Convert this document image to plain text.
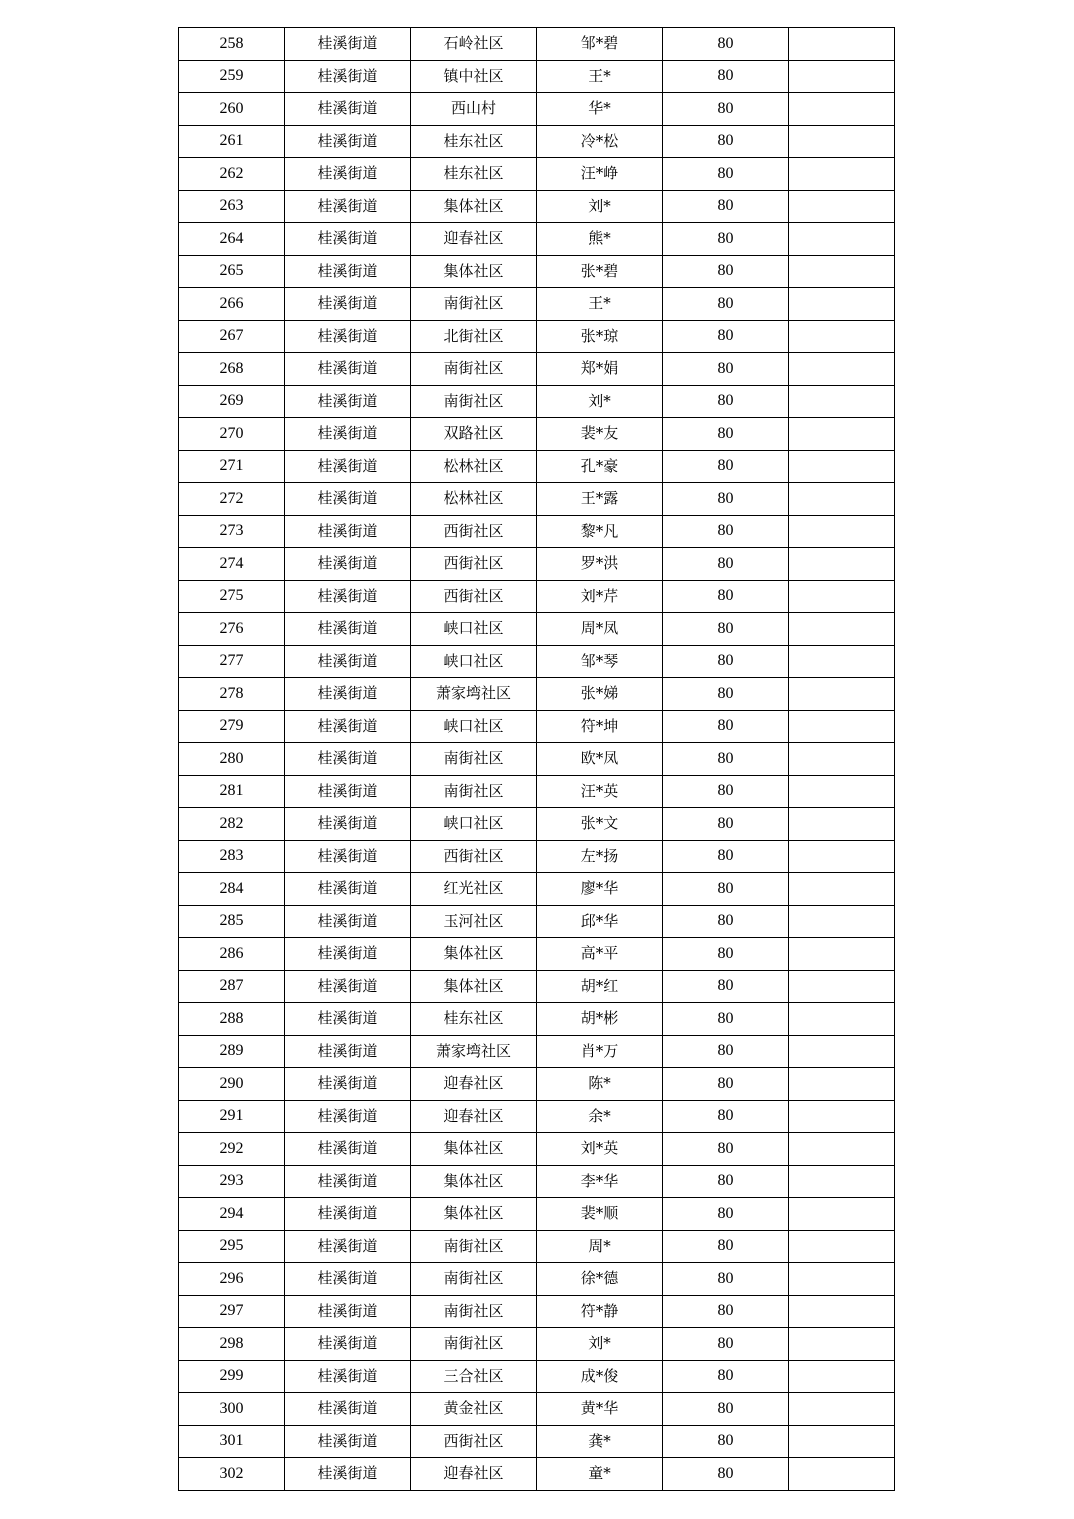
258	桂溪街道	石岭社区	邹*碧	80	
259	桂溪街道	镇中社区	王*	80	
260	桂溪街道	西山村	华*	80	
261	桂溪街道	桂东社区	冷*松	80	
262	桂溪街道	桂东社区	汪*峥	80	
263	桂溪街道	集体社区	刘*	80	
264	桂溪街道	迎春社区	熊*	80	
265	桂溪街道	集体社区	张*碧	80	
266	桂溪街道	南街社区	王*	80	
267	桂溪街道	北街社区	张*琼	80	
268	桂溪街道	南街社区	郑*娟	80	
269	桂溪街道	南街社区	刘*	80	
270	桂溪街道	双路社区	裴*友	80	
271	桂溪街道	松林社区	孔*豪	80	
272	桂溪街道	松林社区	王*露	80	
273	桂溪街道	西街社区	黎*凡	80	
274	桂溪街道	西街社区	罗*洪	80	
275	桂溪街道	西街社区	刘*芹	80	
276	桂溪街道	峡口社区	周*凤	80	
277	桂溪街道	峡口社区	邹*琴	80	
278	桂溪街道	萧家塆社区	张*娣	80	
279	桂溪街道	峡口社区	符*坤	80	
280	桂溪街道	南街社区	欧*凤	80	
281	桂溪街道	南街社区	汪*英	80	
282	桂溪街道	峡口社区	张*文	80	
283	桂溪街道	西街社区	左*扬	80	
284	桂溪街道	红光社区	廖*华	80	
285	桂溪街道	玉河社区	邱*华	80	
286	桂溪街道	集体社区	高*平	80	
287	桂溪街道	集体社区	胡*红	80	
288	桂溪街道	桂东社区	胡*彬	80	
289	桂溪街道	萧家塆社区	肖*万	80	
290	桂溪街道	迎春社区	陈*	80	
291	桂溪街道	迎春社区	余*	80	
292	桂溪街道	集体社区	刘*英	80	
293	桂溪街道	集体社区	李*华	80	
294	桂溪街道	集体社区	裴*顺	80	
295	桂溪街道	南街社区	周*	80	
296	桂溪街道	南街社区	徐*德	80	
297	桂溪街道	南街社区	符*静	80	
298	桂溪街道	南街社区	刘*	80	
299	桂溪街道	三合社区	成*俊	80	
300	桂溪街道	黄金社区	黄*华	80	
301	桂溪街道	西街社区	龚*	80	
302	桂溪街道	迎春社区	童*	80	
